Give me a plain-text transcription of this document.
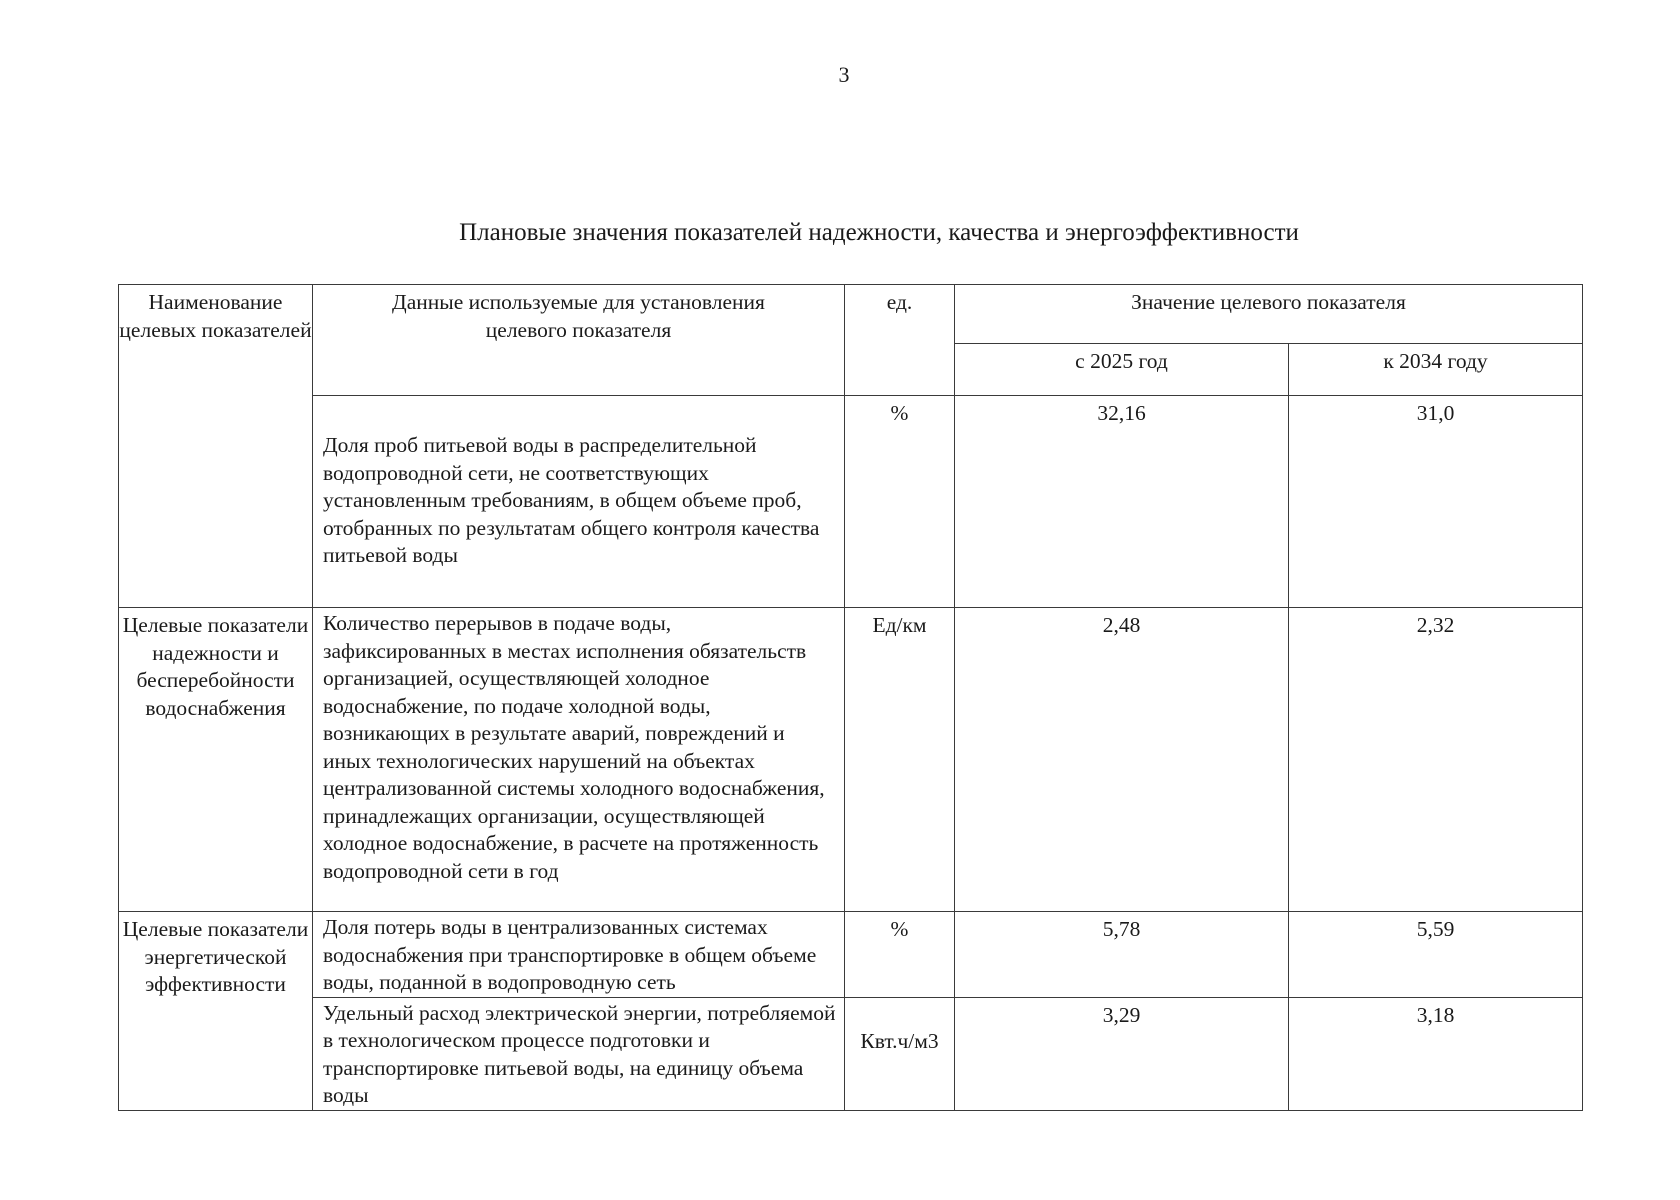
3
Плановые значения показателей надежности, качества и энергоэффективности
Наименование целевых показателей	Данные используемые для установления целевого показателя	ед.	Значение целевого показателя	
			с 2025 год	к 2034 году

	Доля проб питьевой воды в распределительной водопроводной сети, не соответствующих установленным требованиям, в общем объеме проб, отобранных по результатам общего контроля качества питьевой воды	%	32,16	31,0
Целевые показатели надежности и бесперебойности водоснабжения	Количество перерывов в подаче воды, зафиксированных в местах исполнения обязательств организацией, осуществляющей холодное водоснабжение, по подаче холодной воды, возникающих в результате аварий, повреждений и иных технологических нарушений на объектах централизованной системы холодного водоснабжения, принадлежащих организации, осуществляющей холодное водоснабжение, в расчете на протяженность водопроводной сети в год	Ед/км	2,48	2,32
Целевые показатели энергетической эффективности	Доля потерь воды в централизованных системах водоснабжения при транспортировке в общем объеме воды, поданной в водопроводную сеть	%	5,78	5,59

	Удельный расход электрической энергии, потребляемой в технологическом процессе подготовки и транспортировке питьевой воды, на единицу объема воды	Квт.ч/м3	3,29	3,18
